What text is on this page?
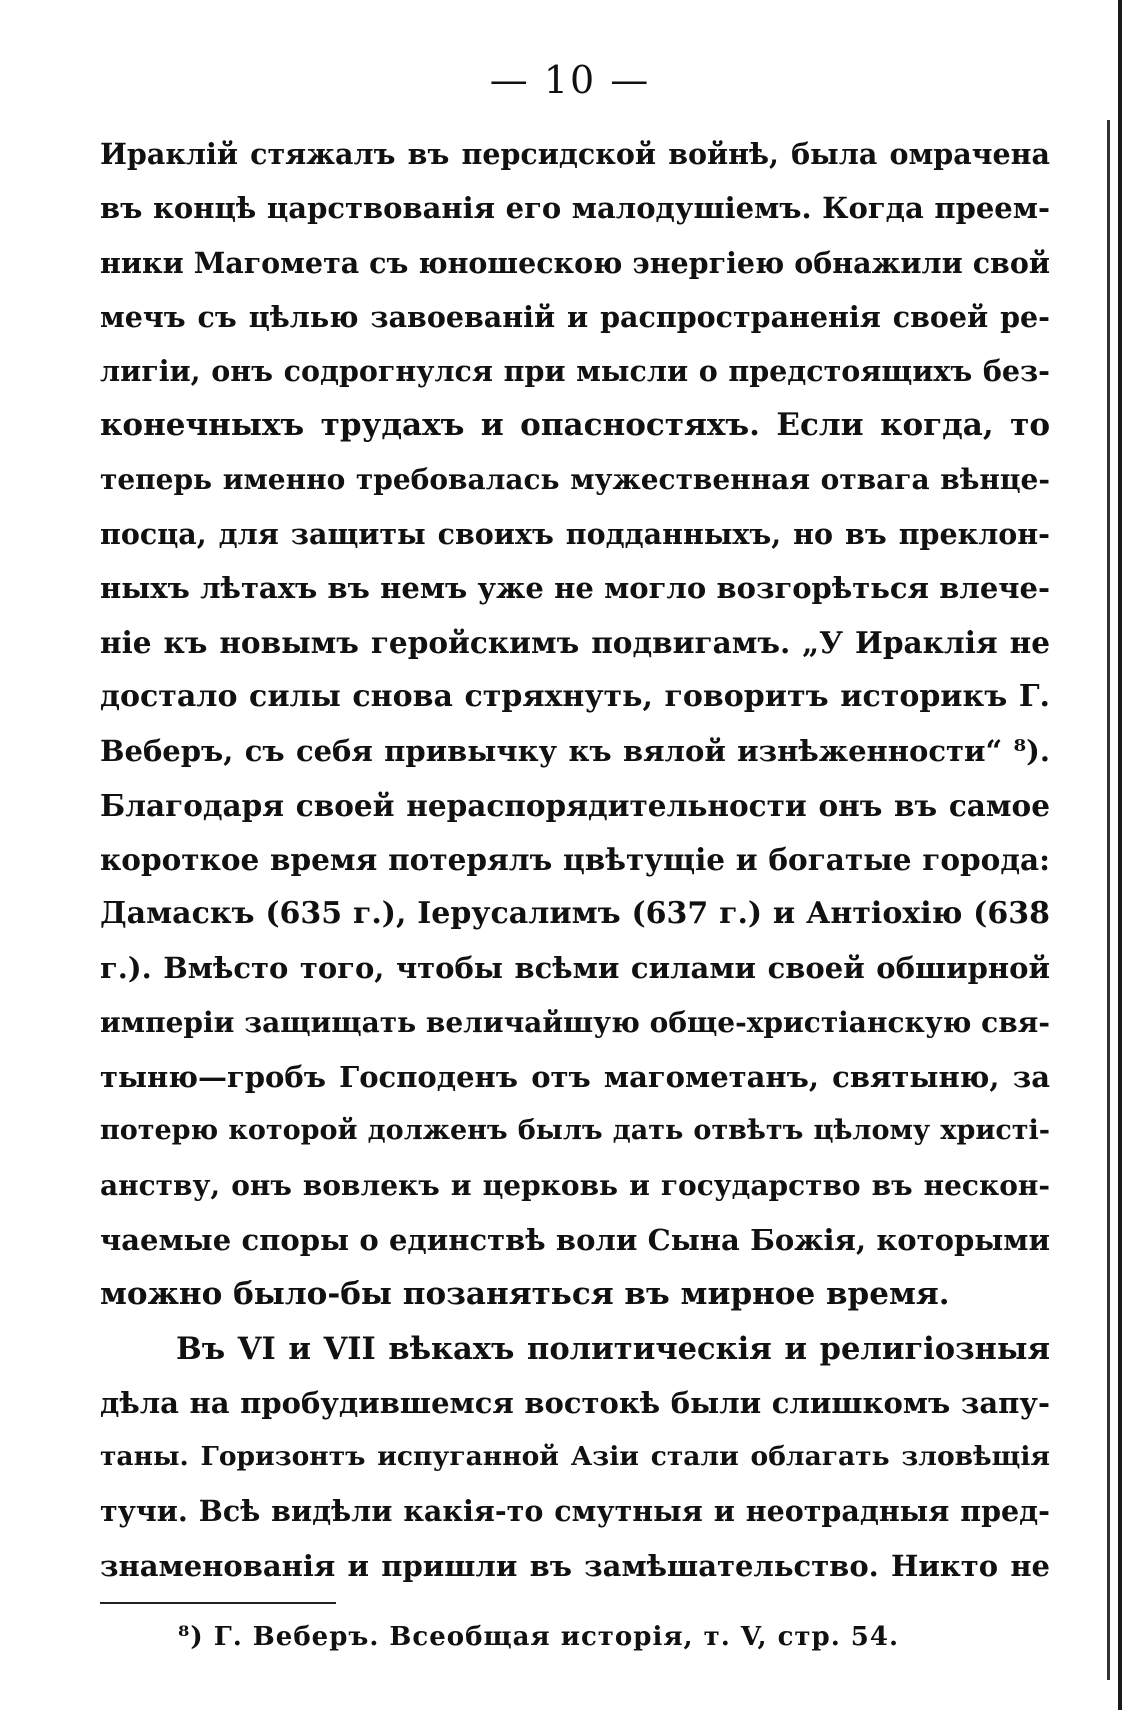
— 10 —
Ираклій стяжалъ въ персидской войнѣ, была омрачена
въ концѣ царствованія его малодушіемъ. Когда преем-
ники Магомета съ юношескою энергіею обнажили свой
мечъ съ цѣлью завоеваній и распространенія своей ре-
лигіи, онъ содрогнулся при мысли о предстоящихъ без-
конечныхъ трудахъ и опасностяхъ. Если когда, то
теперь именно требовалась мужественная отвага вѣнце-
посца, для защиты своихъ подданныхъ, но въ преклон-
ныхъ лѣтахъ въ немъ уже не могло возгорѣться влече-
ніе къ новымъ геройскимъ подвигамъ. „У Ираклія не
достало силы снова стряхнуть, говоритъ историкъ Г.
Веберъ, съ себя привычку къ вялой изнѣженности“ ⁸).
Благодаря своей нераспорядительности онъ въ самое
короткое время потерялъ цвѣтущіе и богатые города:
Дамаскъ (635 г.), Іерусалимъ (637 г.) и Антіохію (638
г.). Вмѣсто того, чтобы всѣми силами своей обширной
имперіи защищать величайшую обще-христіанскую свя-
тыню—гробъ Господенъ отъ магометанъ, святыню, за
потерю которой долженъ былъ дать отвѣтъ цѣлому христі-
анству, онъ вовлекъ и церковь и государство въ нескон-
чаемые споры о единствѣ воли Сына Божія, которыми
можно было-бы позаняться въ мирное время.
Въ VI и VII вѣкахъ политическія и религіозныя
дѣла на пробудившемся востокѣ были слишкомъ запу-
таны. Горизонтъ испуганной Азіи стали облагать зловѣщія
тучи. Всѣ видѣли какія-то смутныя и неотрадныя пред-
знаменованія и пришли въ замѣшательство. Никто не
⁸) Г. Веберъ. Всеобщая исторія, т. V, стр. 54.
